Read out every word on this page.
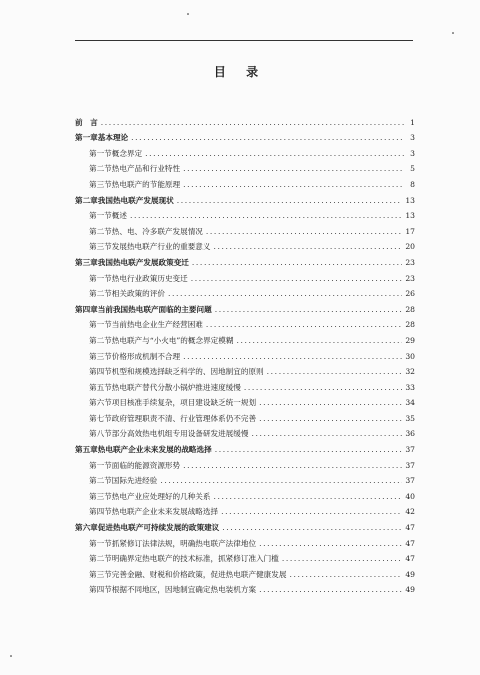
目 录
前　言 .....	1
第一章 基本理论 .....	3
第一节 概念界定 .....	3
第二节 热电产品和行业特性 .....	5
第三节 热电联产的节能原理 .....	8
第二章 我国热电联产发展现状 .....	13
第一节 概述 .....	13
第二节 热、电、冷多联产发展情况 .....	17
第三节 发展热电联产行业的重要意义 .....	20
第三章 我国热电联产发展政策变迁 .....	23
第一节 热电行业政策历史变迁 .....	23
第二节 相关政策的评价 .....	26
第四章 当前我国热电联产面临的主要问题 .....	28
第一节 当前热电企业生产经营困难 .....	28
第二节 热电联产与“小火电”的概念界定模糊 .....	29
第三节 价格形成机制不合理 .....	30
第四节 机型和规模选择缺乏科学的、因地制宜的原则 .....	32
第五节 热电联产替代分散小锅炉推进速度缓慢 .....	33
第六节 项目核准手续复杂，项目建设缺乏统一规划 .....	34
第七节 政府管理职责不清、行业管理体系仍不完善 .....	35
第八节 部分高效热电机组专用设备研发进展缓慢 .....	36
第五章 热电联产企业未来发展的战略选择 .....	37
第一节 面临的能源资源形势 .....	37
第二节 国际先进经验 .....	37
第三节 热电产业应处理好的几种关系 .....	40
第四节 热电联产企业未来发展战略选择 .....	42
第六章 促进热电联产可持续发展的政策建议 .....	47
第一节 抓紧修订法律法规，明确热电联产法律地位 .....	47
第二节 明确界定热电联产的技术标准，抓紧修订准入门槛 .....	47
第三节 完善金融、财税和价格政策，促进热电联产健康发展 .....	49
第四节 根据不同地区，因地制宜确定热电装机方案 .....	49
